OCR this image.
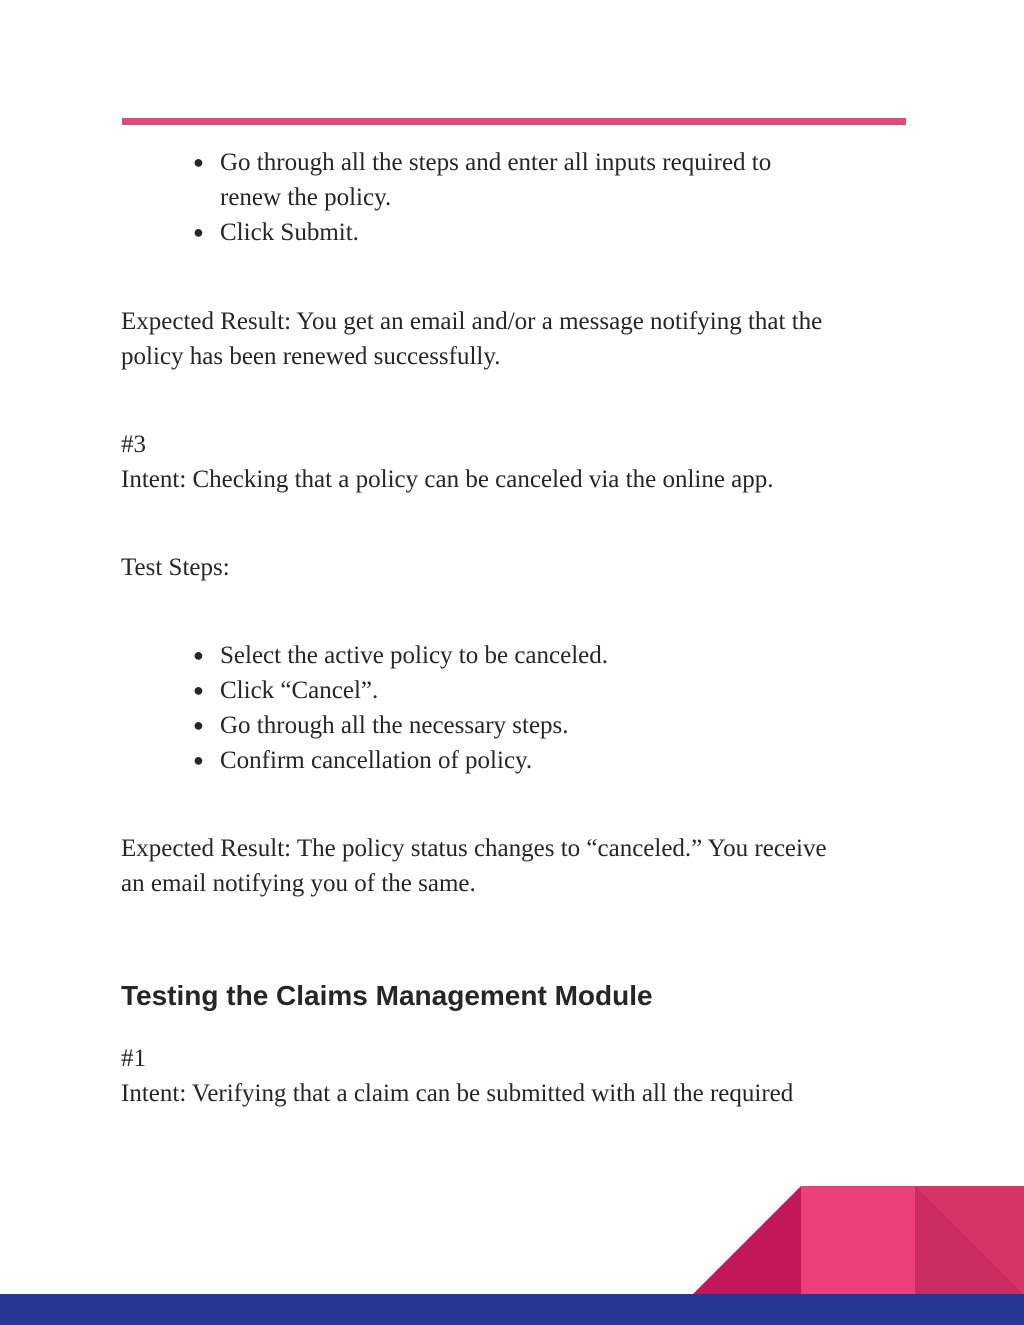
● Go through all the steps and enter all inputs required to
renew the policy.
● Click Submit.

Expected Result: You get an email and/or a message notifying that the
policy has been renewed successfully.

#3
Intent: Checking that a policy can be canceled via the online app.

Test Steps:

● Select the active policy to be canceled.
● Click “Cancel”.
● Go through all the necessary steps.
● Confirm cancellation of policy.

Expected Result: The policy status changes to “canceled.” You receive
an email notifying you of the same.

Testing the Claims Management Module

#1
Intent: Verifying that a claim can be submitted with all the required
